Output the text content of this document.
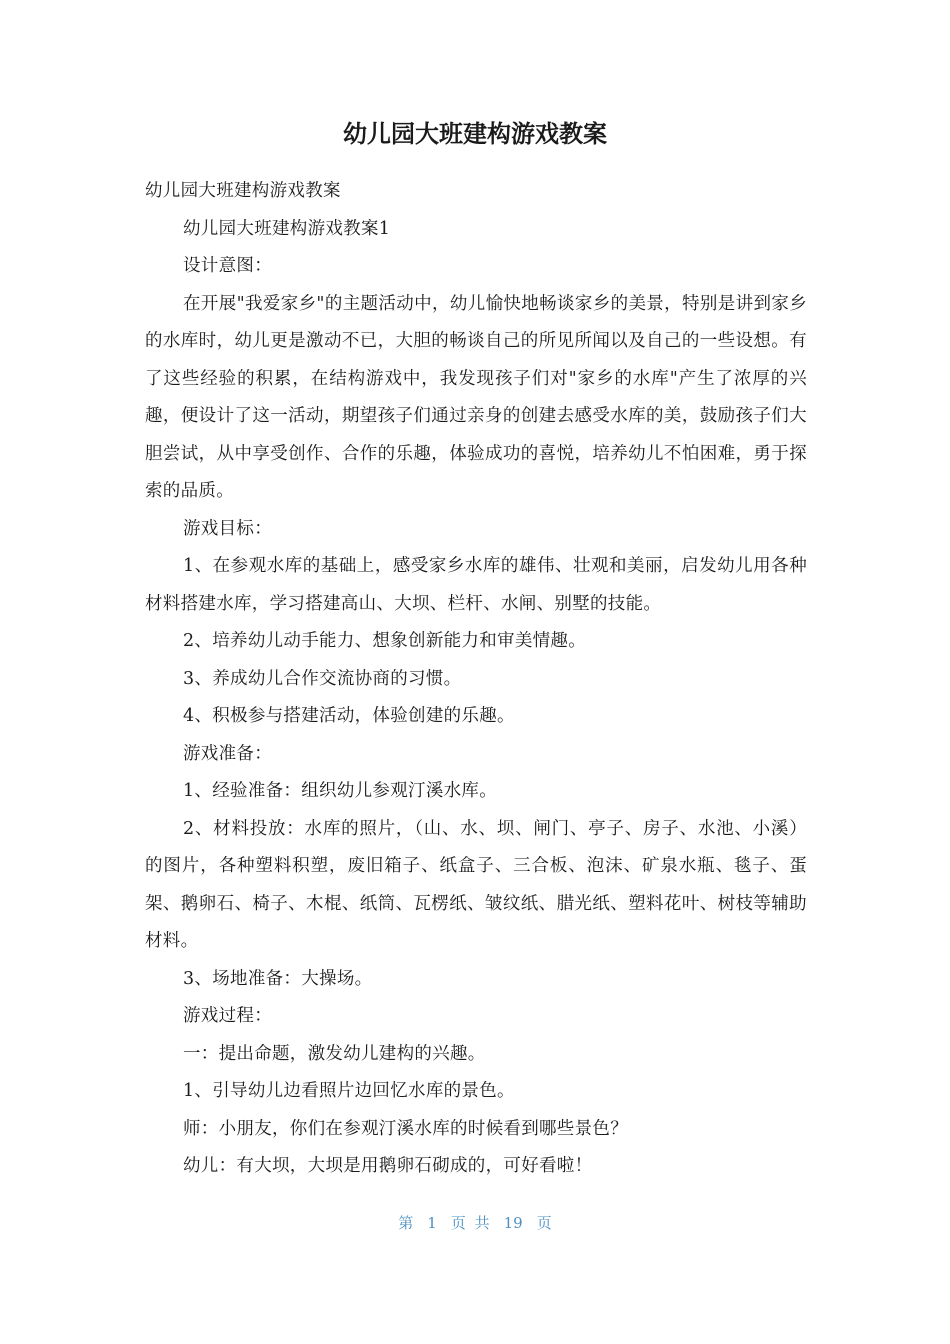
幼儿园大班建构游戏教案

幼儿园大班建构游戏教案

幼儿园大班建构游戏教案1

设计意图：

在开展"我爱家乡"的主题活动中，幼儿愉快地畅谈家乡的美景，特别是讲到家乡的水库时，幼儿更是激动不已，大胆的畅谈自己的所见所闻以及自己的一些设想。有了这些经验的积累，在结构游戏中，我发现孩子们对"家乡的水库"产生了浓厚的兴趣，便设计了这一活动，期望孩子们通过亲身的创建去感受水库的美，鼓励孩子们大胆尝试，从中享受创作、合作的乐趣，体验成功的喜悦，培养幼儿不怕困难，勇于探索的品质。

游戏目标：

1、在参观水库的基础上，感受家乡水库的雄伟、壮观和美丽，启发幼儿用各种材料搭建水库，学习搭建高山、大坝、栏杆、水闸、别墅的技能。

2、培养幼儿动手能力、想象创新能力和审美情趣。

3、养成幼儿合作交流协商的习惯。

4、积极参与搭建活动，体验创建的乐趣。

游戏准备：

1、经验准备：组织幼儿参观汀溪水库。

2、材料投放：水库的照片，（山、水、坝、闸门、亭子、房子、水池、小溪）的图片，各种塑料积塑，废旧箱子、纸盒子、三合板、泡沫、矿泉水瓶、毯子、蛋架、鹅卵石、椅子、木棍、纸筒、瓦楞纸、皱纹纸、腊光纸、塑料花叶、树枝等辅助材料。

3、场地准备：大操场。

游戏过程：

一：提出命题，激发幼儿建构的兴趣。

1、引导幼儿边看照片边回忆水库的景色。

师：小朋友，你们在参观汀溪水库的时候看到哪些景色？

幼儿：有大坝，大坝是用鹅卵石砌成的，可好看啦！

第 1 页 共 19 页
